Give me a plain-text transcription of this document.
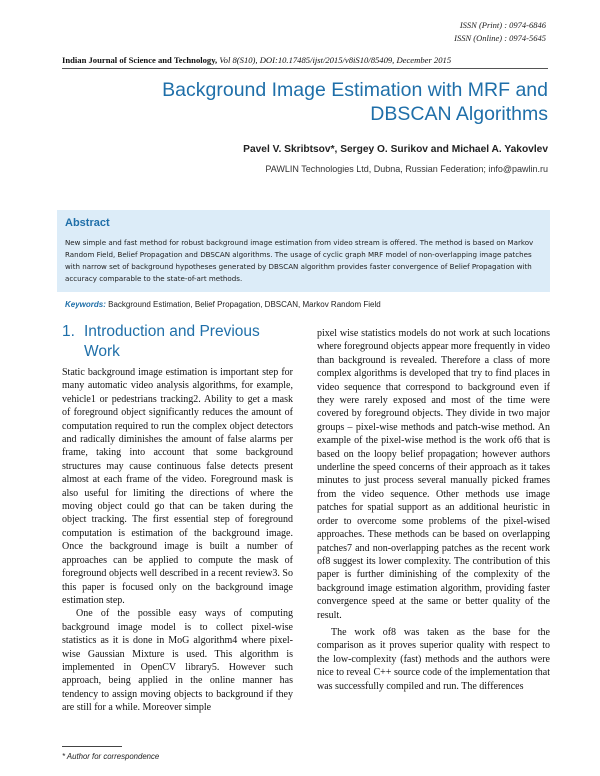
ISSN (Print) : 0974-6846
ISSN (Online) : 0974-5645
Indian Journal of Science and Technology, Vol 8(S10), DOI:10.17485/ijst/2015/v8iS10/85409, December 2015
Background Image Estimation with MRF and
DBSCAN Algorithms
Pavel V. Skribtsov*, Sergey O. Surikov and Michael A. Yakovlev
PAWLIN Technologies Ltd, Dubna, Russian Federation; info@pawlin.ru
Abstract
New simple and fast method for robust background image estimation from video stream is offered. The method is based on Markov Random Field, Belief Propagation and DBSCAN algorithms. The usage of cyclic graph MRF model of non-overlapping image patches with narrow set of background hypotheses generated by DBSCAN algorithm provides faster convergence of Belief Propagation with accuracy comparable to the state-of-art methods.
Keywords: Background Estimation, Belief Propagation, DBSCAN, Markov Random Field
1. Introduction and Previous
Work

Static background image estimation is important step for many automatic video analysis algorithms, for example, vehicle1 or pedestrians tracking2. Ability to get a mask of foreground object significantly reduces the amount of computation required to run the complex object detectors and radically diminishes the amount of false alarms per frame, taking into account that some background structures may cause continuous false detects present almost at each frame of the video. Foreground mask is also useful for limiting the directions of where the moving object could go that can be taken during the object tracking. The first essential step of foreground computation is estimation of the background image. Once the background image is built a number of approaches can be applied to compute the mask of foreground objects well described in a recent review3. So this paper is focused only on the background image estimation step.

One of the possible easy ways of computing background image model is to collect pixel-wise statistics as it is done in MoG algorithm4 where pixel-wise Gaussian Mixture is used. This algorithm is implemented in OpenCV library5. However such approach, being applied in the online manner has tendency to assign moving objects to background if they are still for a while. Moreover simple

pixel wise statistics models do not work at such locations where foreground objects appear more frequently in video than background is revealed. Therefore a class of more complex algorithms is developed that try to find places in video sequence that correspond to background even if they were rarely exposed and most of the time were covered by foreground objects. They divide in two major groups – pixel-wise methods and patch-wise method. An example of the pixel-wise method is the work of6 that is based on the loopy belief propagation; however authors underline the speed concerns of their approach as it takes minutes to just process several manually picked frames from the video sequence. Other methods use image patches for spatial support as an additional heuristic in order to overcome some problems of the pixel-wised approaches. These methods can be based on overlapping patches7 and non-overlapping patches as the recent work of8 suggest its lower complexity. The contribution of this paper is further diminishing of the complexity of the background image estimation algorithm, providing faster convergence speed at the same or better quality of the result.

The work of8 was taken as the base for the comparison as it proves superior quality with respect to the low-complexity (fast) methods and the authors were nice to reveal C++ source code of the implementation that was successfully compiled and run. The differences

* Author for correspondence
